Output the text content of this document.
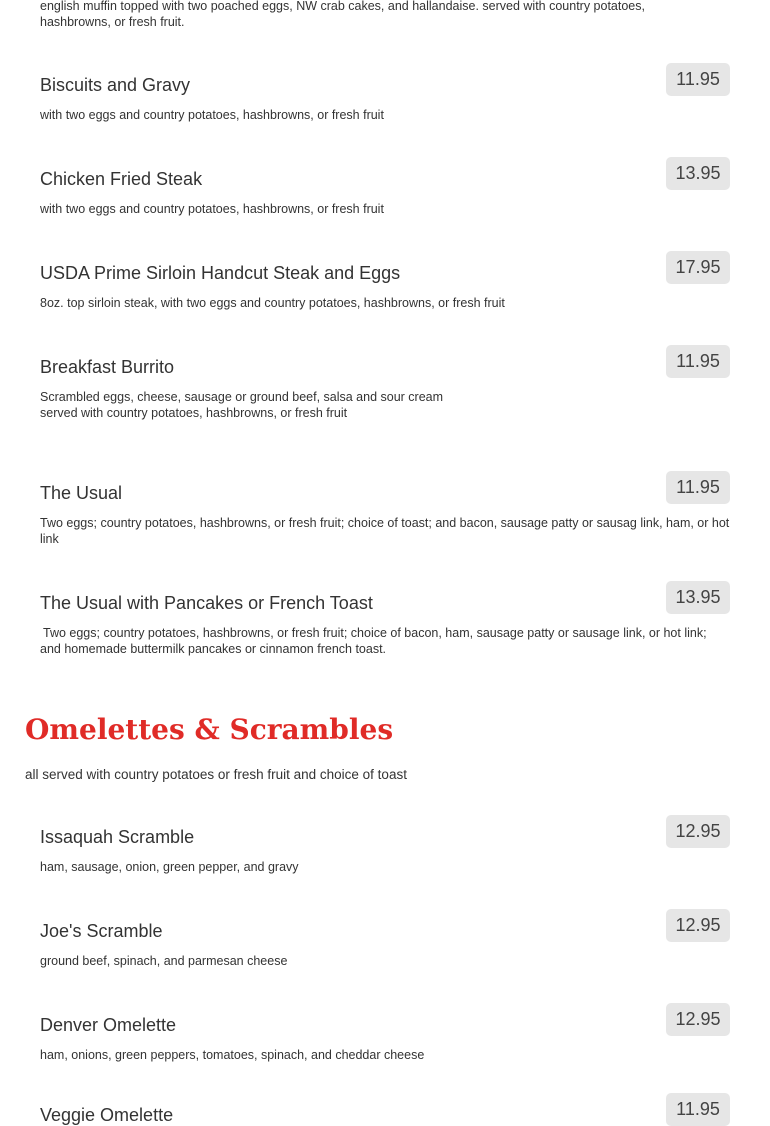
english muffin topped with two poached eggs, NW crab cakes, and hallandaise. served with country potatoes, hashbrowns, or fresh fruit.
Biscuits and Gravy	11.95
with two eggs and country potatoes, hashbrowns, or fresh fruit
Chicken Fried Steak	13.95
with two eggs and country potatoes, hashbrowns, or fresh fruit
USDA Prime Sirloin Handcut Steak and Eggs	17.95
8oz. top sirloin steak, with two eggs and country potatoes, hashbrowns, or fresh fruit
Breakfast Burrito	11.95
Scrambled eggs, cheese, sausage or ground beef, salsa and sour cream
served with country potatoes, hashbrowns, or fresh fruit
The Usual	11.95
Two eggs; country potatoes, hashbrowns, or fresh fruit; choice of toast; and bacon, sausage patty or sausag link, ham, or hot link
The Usual with Pancakes or French Toast	13.95
Two eggs; country potatoes, hashbrowns, or fresh fruit; choice of bacon, ham, sausage patty or sausage link, or hot link; and homemade buttermilk pancakes or cinnamon french toast.
Omelettes & Scrambles
all served with country potatoes or fresh fruit and choice of toast
Issaquah Scramble	12.95
ham, sausage, onion, green pepper, and gravy
Joe's Scramble	12.95
ground beef, spinach, and parmesan cheese
Denver Omelette	12.95
ham, onions, green peppers, tomatoes, spinach, and cheddar cheese
Veggie Omelette	11.95
